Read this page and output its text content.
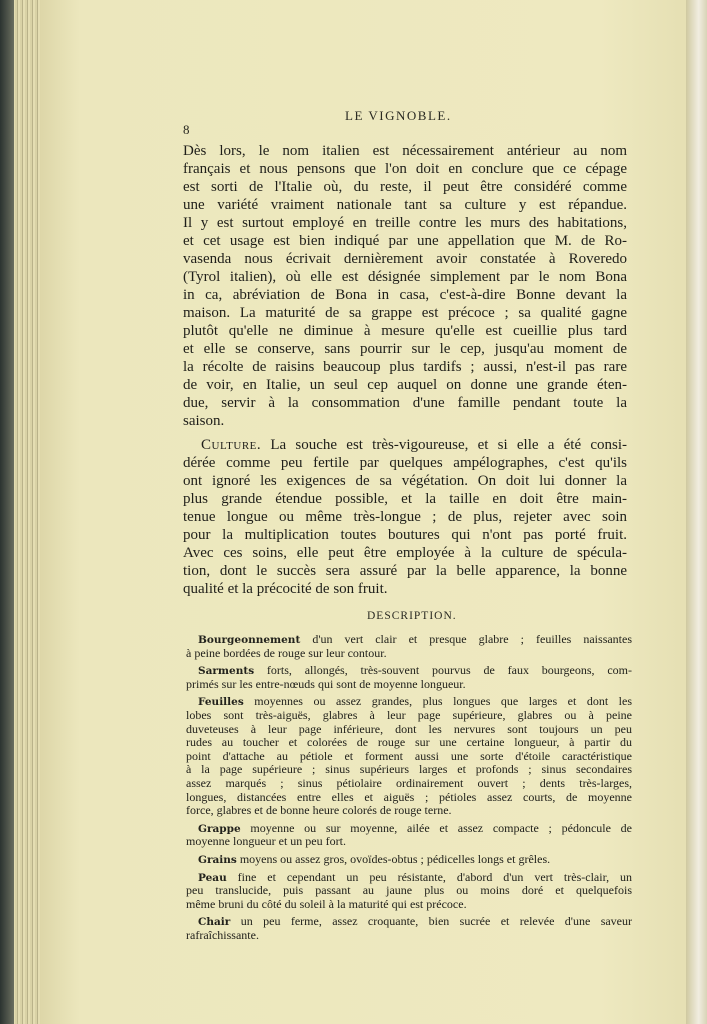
LE VIGNOBLE.
8
Dès lors, le nom italien est nécessairement antérieur au nom
français et nous pensons que l'on doit en conclure que ce cépage
est sorti de l'Italie où, du reste, il peut être considéré comme
une variété vraiment nationale tant sa culture y est répandue.
Il y est surtout employé en treille contre les murs des habitations,
et cet usage est bien indiqué par une appellation que M. de Ro-
vasenda nous écrivait dernièrement avoir constatée à Roveredo
(Tyrol italien), où elle est désignée simplement par le nom Bona
in ca, abréviation de Bona in casa, c'est-à-dire Bonne devant la
maison. La maturité de sa grappe est précoce ; sa qualité gagne
plutôt qu'elle ne diminue à mesure qu'elle est cueillie plus tard
et elle se conserve, sans pourrir sur le cep, jusqu'au moment de
la récolte de raisins beaucoup plus tardifs ; aussi, n'est-il pas rare
de voir, en Italie, un seul cep auquel on donne une grande éten-
due, servir à la consommation d'une famille pendant toute la
saison.
Culture. La souche est très-vigoureuse, et si elle a été consi-
dérée comme peu fertile par quelques ampélographes, c'est qu'ils
ont ignoré les exigences de sa végétation. On doit lui donner la
plus grande étendue possible, et la taille en doit être main-
tenue longue ou même très-longue ; de plus, rejeter avec soin
pour la multiplication toutes boutures qui n'ont pas porté fruit.
Avec ces soins, elle peut être employée à la culture de spécula-
tion, dont le succès sera assuré par la belle apparence, la bonne
qualité et la précocité de son fruit.
DESCRIPTION.
Bourgeonnement d'un vert clair et presque glabre ; feuilles naissantes
à peine bordées de rouge sur leur contour.
Sarments forts, allongés, très-souvent pourvus de faux bourgeons, com-
primés sur les entre-nœuds qui sont de moyenne longueur.
Feuilles moyennes ou assez grandes, plus longues que larges et dont les
lobes sont très-aiguës, glabres à leur page supérieure, glabres ou à peine
duveteuses à leur page inférieure, dont les nervures sont toujours un peu
rudes au toucher et colorées de rouge sur une certaine longueur, à partir du
point d'attache au pétiole et forment aussi une sorte d'étoile caractéristique
à la page supérieure ; sinus supérieurs larges et profonds ; sinus secondaires
assez marqués ; sinus pétiolaire ordinairement ouvert ; dents très-larges,
longues, distancées entre elles et aiguës ; pétioles assez courts, de moyenne
force, glabres et de bonne heure colorés de rouge terne.
Grappe moyenne ou sur moyenne, ailée et assez compacte ; pédoncule de
moyenne longueur et un peu fort.
Grains moyens ou assez gros, ovoïdes-obtus ; pédicelles longs et grêles.
Peau fine et cependant un peu résistante, d'abord d'un vert très-clair, un
peu translucide, puis passant au jaune plus ou moins doré et quelquefois
même bruni du côté du soleil à la maturité qui est précoce.
Chair un peu ferme, assez croquante, bien sucrée et relevée d'une saveur
rafraîchissante.
